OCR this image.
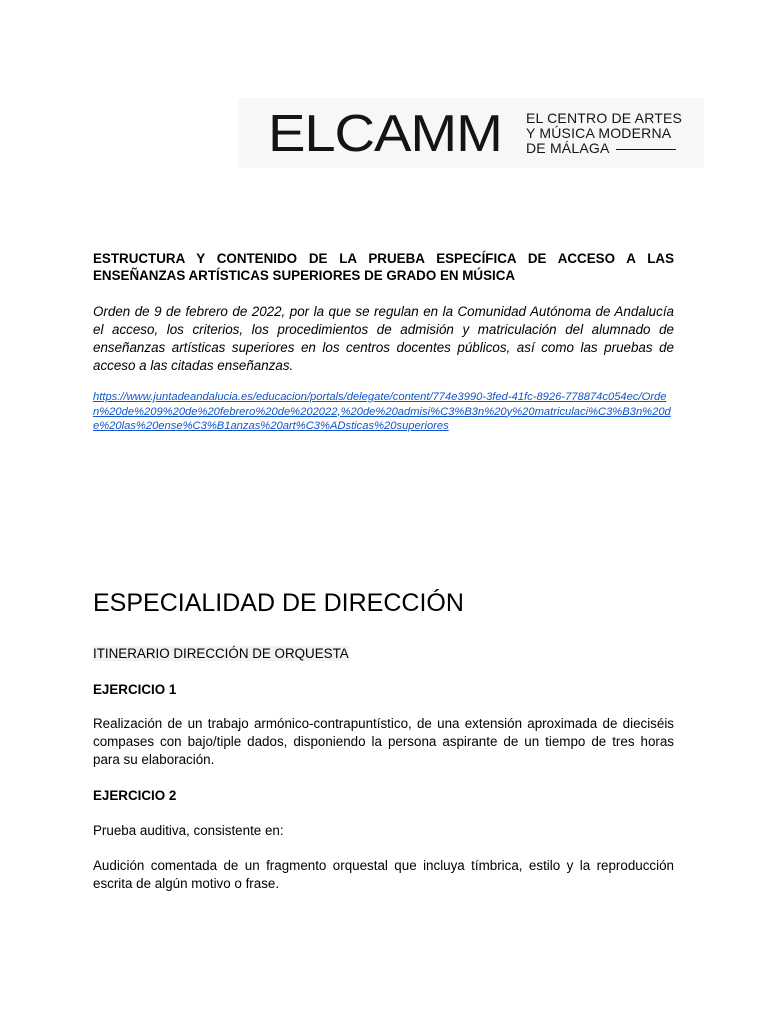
ELCAMM EL CENTRO DE ARTES
Y MÚSICA MODERNA
DE MÁLAGA
ESTRUCTURA Y CONTENIDO DE LA PRUEBA ESPECÍFICA DE ACCESO A LAS ENSEÑANZAS ARTÍSTICAS SUPERIORES DE GRADO EN MÚSICA
Orden de 9 de febrero de 2022, por la que se regulan en la Comunidad Autónoma de Andalucía el acceso, los criterios, los procedimientos de admisión y matriculación del alumnado de enseñanzas artísticas superiores en los centros docentes públicos, así como las pruebas de acceso a las citadas enseñanzas.
https://www.juntadeandalucia.es/educacion/portals/delegate/content/774e3990-3fed-41fc-8926-778874c054ec/Orden%20de%209%20de%20febrero%20de%202022,%20de%20admisi%C3%B3n%20y%20matriculaci%C3%B3n%20de%20las%20ense%C3%B1anzas%20art%C3%ADsticas%20superiores
ESPECIALIDAD DE DIRECCIÓN
ITINERARIO DIRECCIÓN DE ORQUESTA
EJERCICIO 1
Realización de un trabajo armónico-contrapuntístico, de una extensión aproximada de dieciséis compases con bajo/tiple dados, disponiendo la persona aspirante de un tiempo de tres horas para su elaboración.
EJERCICIO 2
Prueba auditiva, consistente en:
Audición comentada de un fragmento orquestal que incluya tímbrica, estilo y la reproducción escrita de algún motivo o frase.
